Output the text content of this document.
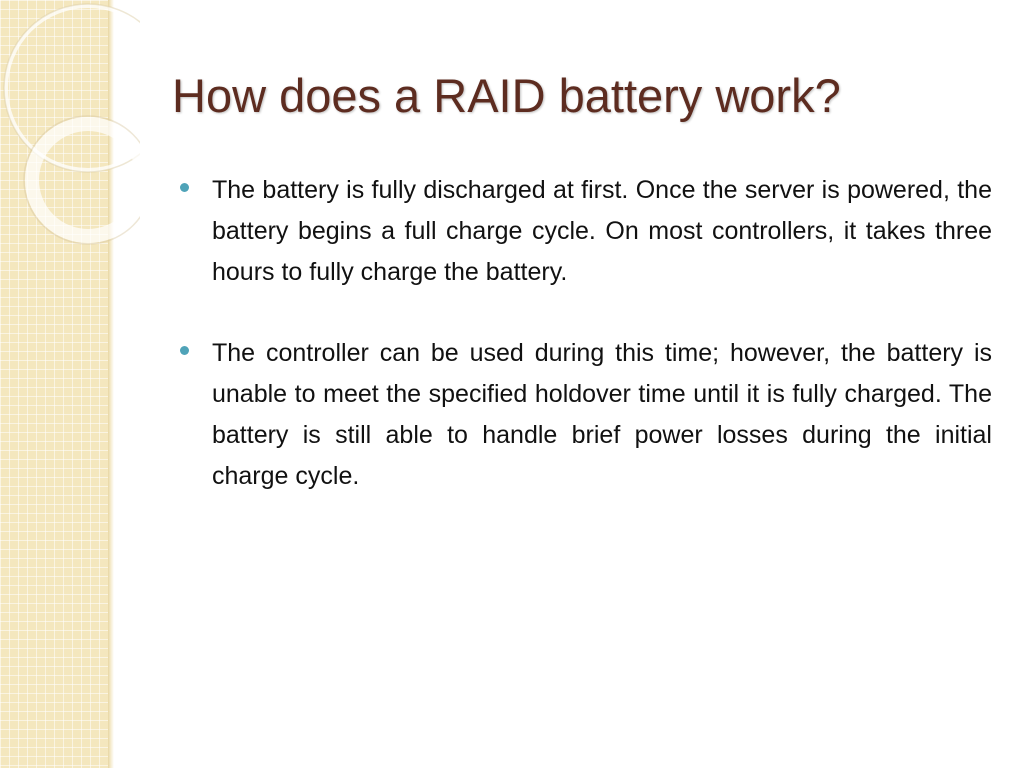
How does a RAID battery work?
The battery is fully discharged at first. Once the server is powered, the battery begins a full charge cycle. On most controllers, it takes three hours to fully charge the battery.
The controller can be used during this time; however, the battery is unable to meet the specified holdover time until it is fully charged. The battery is still able to handle brief power losses during the initial charge cycle.
